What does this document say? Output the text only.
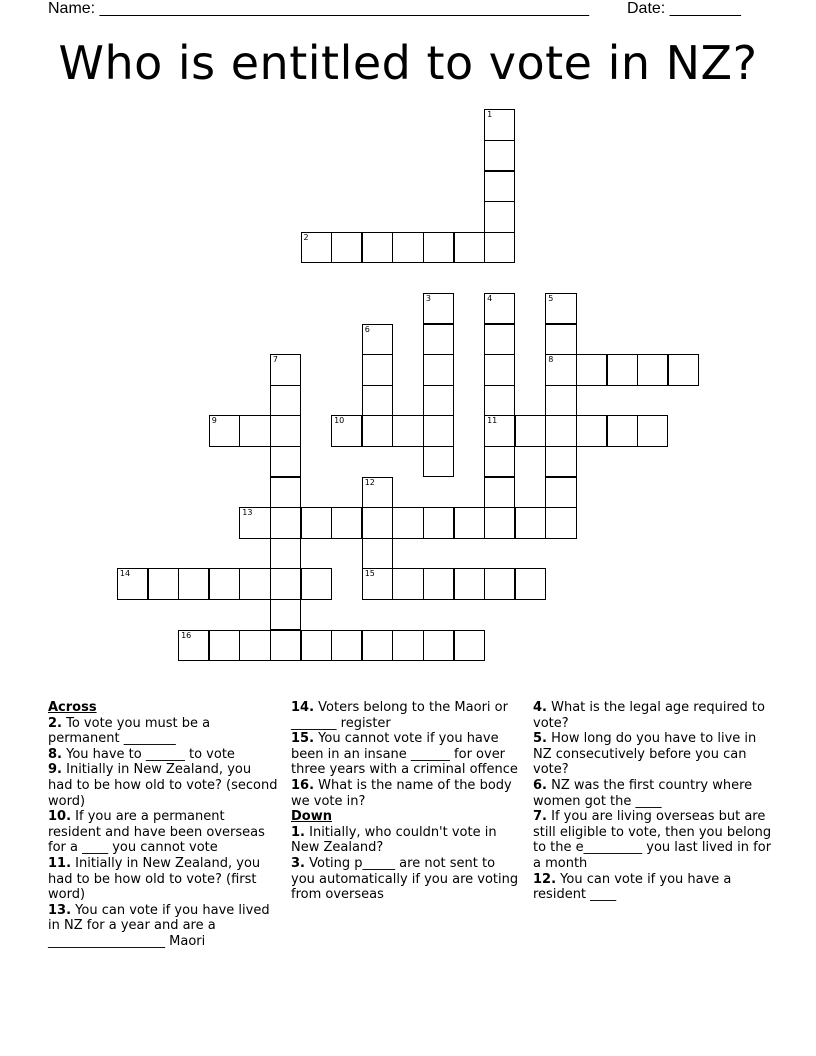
Name: _______________________________________________________ Date: ________
Who is entitled to vote in NZ?
1
2
3	4
11
5
8
6
7
9	10
12
15
13
14
16
Across
2. To vote you must be a permanent ________
8. You have to ______ to vote
9. Initially in New Zealand, you had to be how old to vote? (second word)
10. If you are a permanent resident and have been overseas for a ____ you cannot vote
11. Initially in New Zealand, you had to be how old to vote? (first word)
13. You can vote if you have lived in NZ for a year and are a __________________ Maori
14. Voters belong to the Maori or _______ register
15. You cannot vote if you have been in an insane ______ for over three years with a criminal offence
16. What is the name of the body we vote in?
Down
1. Initially, who couldn't vote in New Zealand?
3. Voting p_____ are not sent to you automatically if you are voting from overseas
4. What is the legal age required to vote?
5. How long do you have to live in NZ consecutively before you can vote?
6. NZ was the first country where women got the ____
7. If you are living overseas but are still eligible to vote, then you belong to the e_________ you last lived in for a month
12. You can vote if you have a resident ____
